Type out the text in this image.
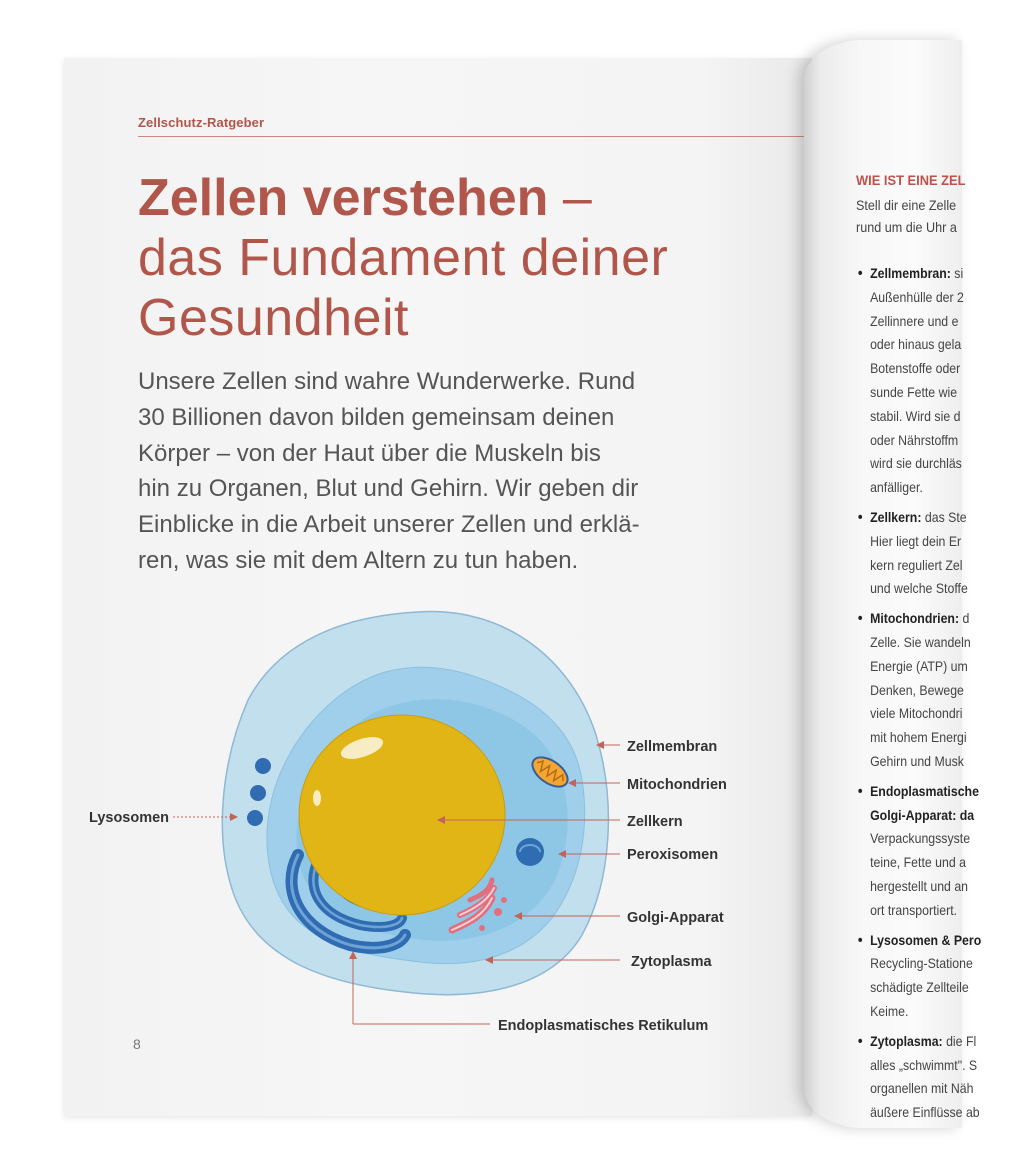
Zellschutz-Ratgeber
Zellen verstehen –
das Fundament deiner
Gesundheit
Unsere Zellen sind wahre Wunderwerke. Rund
30 Billionen davon bilden gemeinsam deinen
Körper – von der Haut über die Muskeln bis
hin zu Organen, Blut und Gehirn. Wir geben dir
Einblicke in die Arbeit unserer Zellen und erklä-
ren, was sie mit dem Altern zu tun haben.
Lysosomen
Zellmembran
Mitochondrien
Zellkern
Peroxisomen
Golgi-Apparat
Zytoplasma
Endoplasmatisches Retikulum
8
WIE IST EINE ZEL
Stell dir eine Zelle
rund um die Uhr a
• Zellmembran: si
Außenhülle der 2
Zellinnere und e
oder hinaus gela
Botenstoffe oder
sunde Fette wie
stabil. Wird sie d
oder Nährstoffm
wird sie durchläs
anfälliger.
• Zellkern: das Ste
Hier liegt dein Er
kern reguliert Zel
und welche Stoffe
• Mitochondrien: d
Zelle. Sie wandeln
Energie (ATP) um
Denken, Bewege
viele Mitochondri
mit hohem Energi
Gehirn und Musk
• Endoplasmatische
Golgi-Apparat: da
Verpackungssyste
teine, Fette und a
hergestellt und an
ort transportiert.
• Lysosomen & Pero
Recycling-Statione
schädigte Zellteile
Keime.
• Zytoplasma: die Fl
alles „schwimmt". S
organellen mit Näh
äußere Einflüsse ab
